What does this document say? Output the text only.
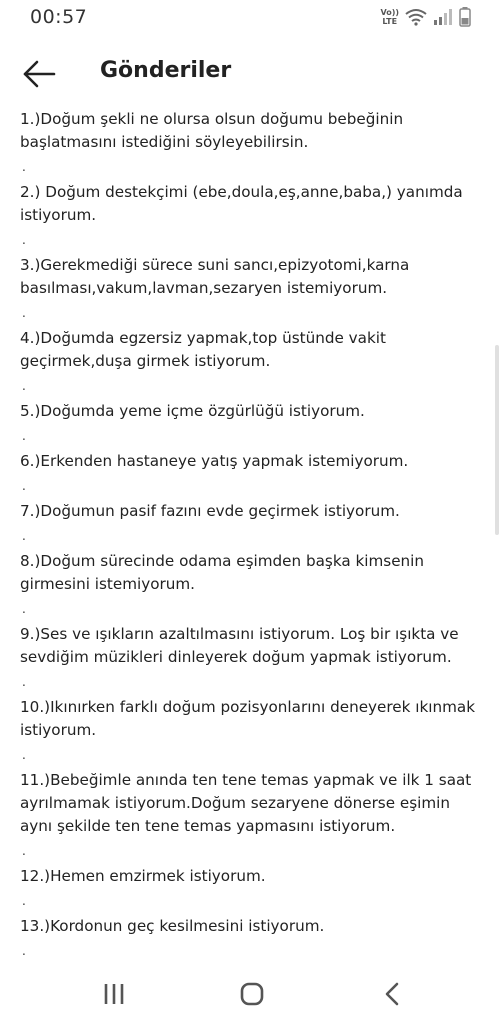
00:57	Vo))
LTE
Gönderiler
1.)Doğum şekli ne olursa olsun doğumu bebeğinin başlatmasını istediğini söyleyebilirsin.
.
2.) Doğum destekçimi (ebe,doula,eş,anne,baba,) yanımda istiyorum.
.
3.)Gerekmediği sürece suni sancı,epizyotomi,karna basılması,vakum,lavman,sezaryen istemiyorum.
.
4.)Doğumda egzersiz yapmak,top üstünde vakit geçirmek,duşa girmek istiyorum.
.
5.)Doğumda yeme içme özgürlüğü istiyorum.
.
6.)Erkenden hastaneye yatış yapmak istemiyorum.
.
7.)Doğumun pasif fazını evde geçirmek istiyorum.
.
8.)Doğum sürecinde odama eşimden başka kimsenin girmesini istemiyorum.
.
9.)Ses ve ışıkların azaltılmasını istiyorum. Loş bir ışıkta ve sevdiğim müzikleri dinleyerek doğum yapmak istiyorum.
.
10.)Ikınırken farklı doğum pozisyonlarını deneyerek ıkınmak istiyorum.
.
11.)Bebeğimle anında ten tene temas yapmak ve ilk 1 saat ayrılmamak istiyorum.Doğum sezaryene dönerse eşimin aynı şekilde ten tene temas yapmasını istiyorum.
.
12.)Hemen emzirmek istiyorum.
.
13.)Kordonun geç kesilmesini istiyorum.
.
